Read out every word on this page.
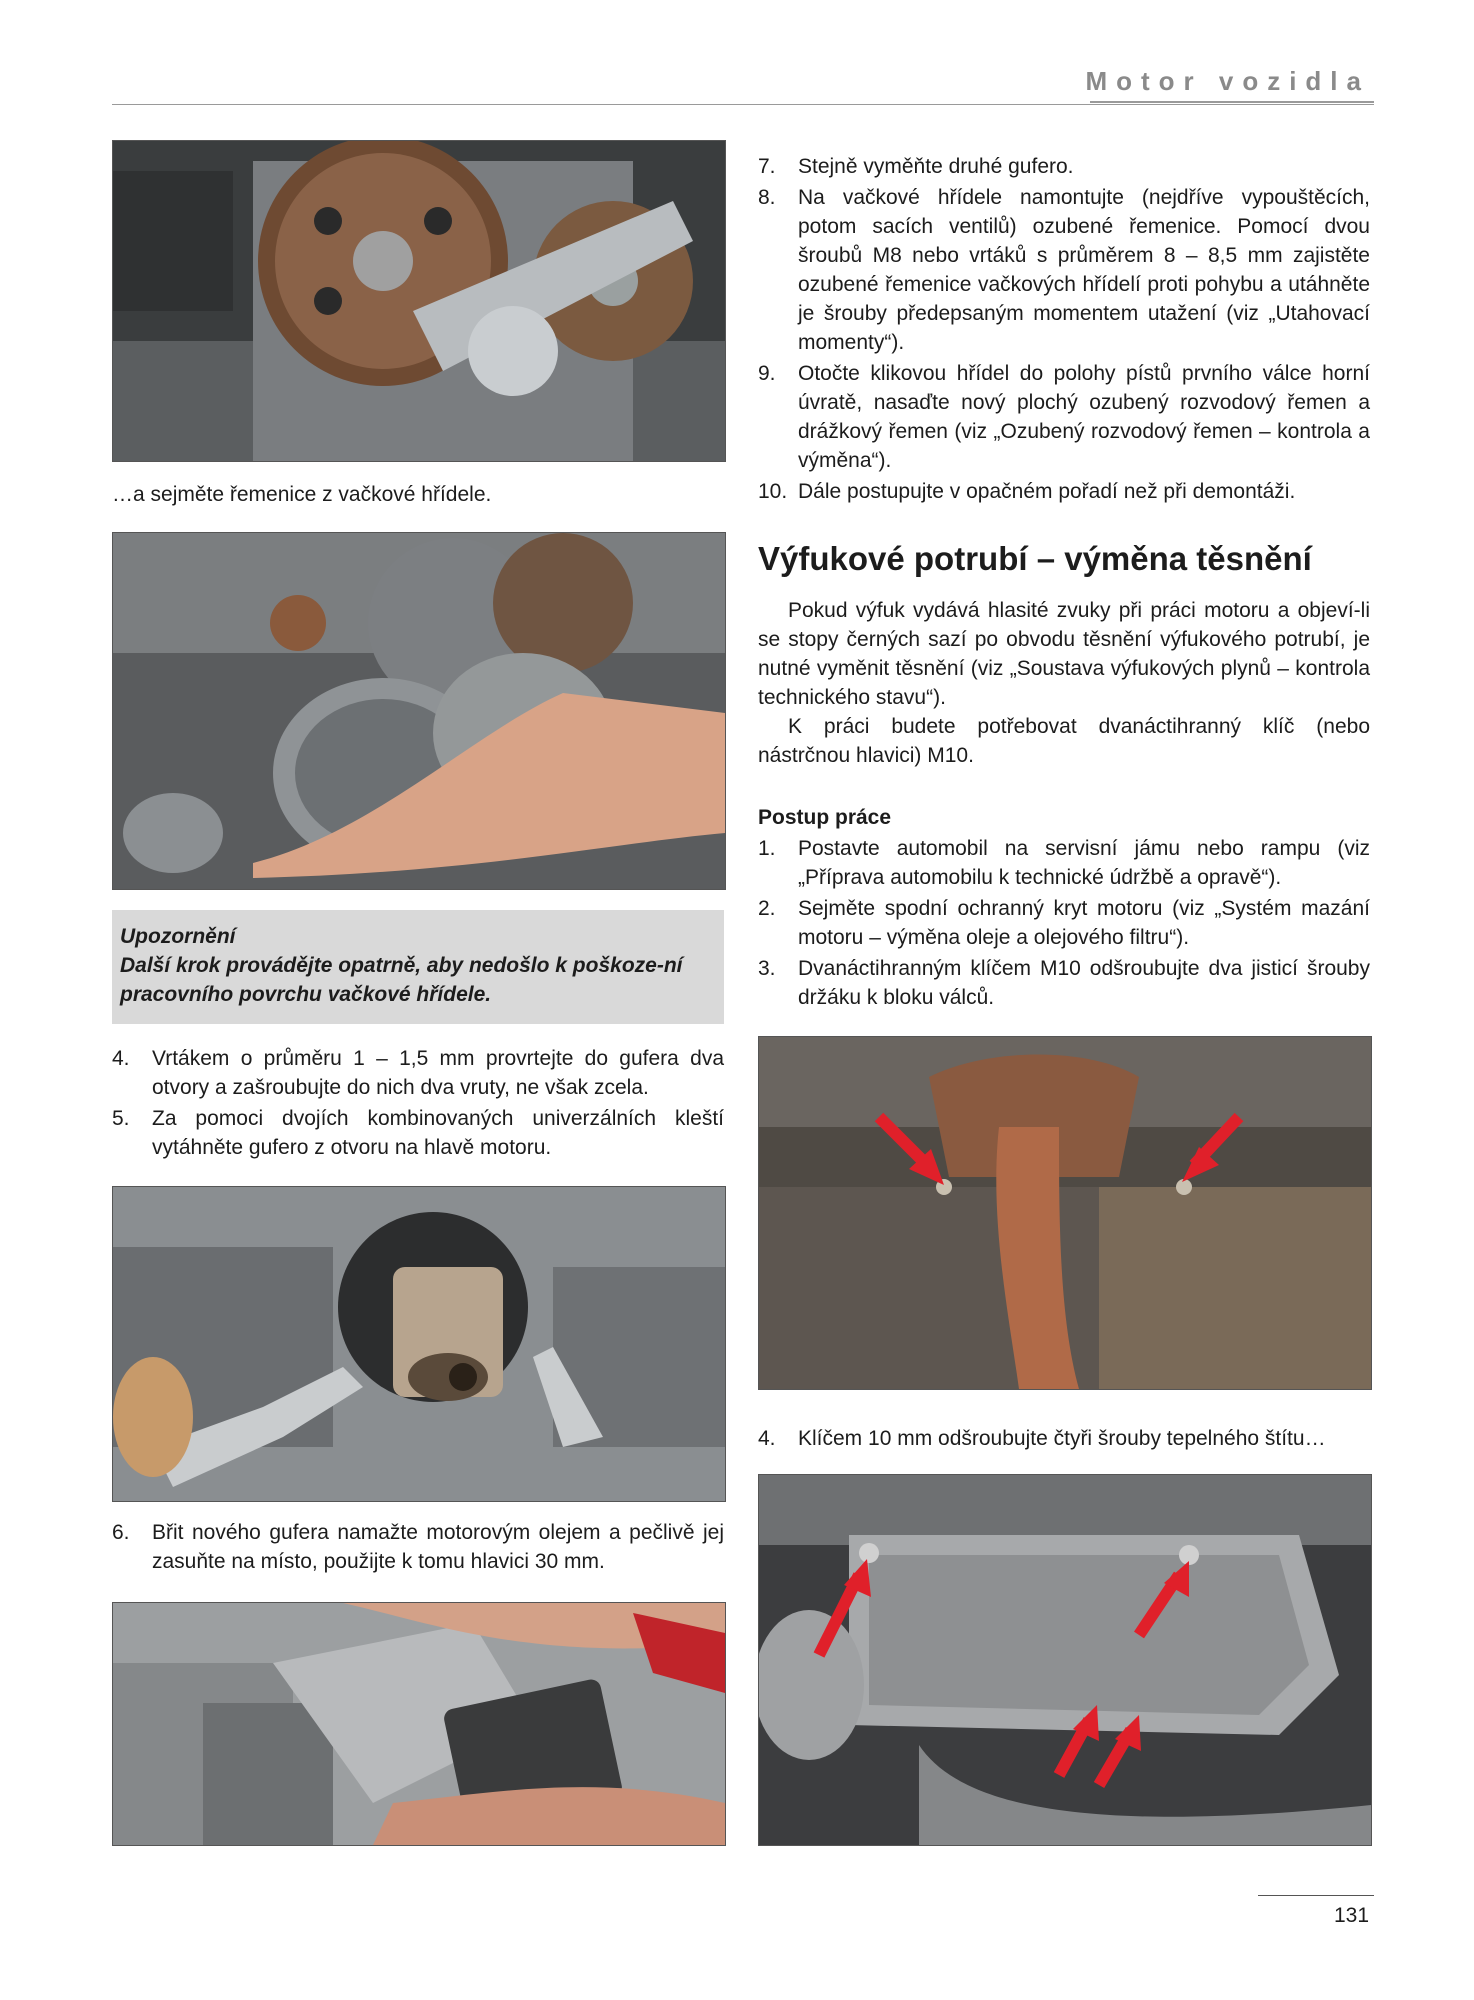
Motor vozidla
…a sejměte řemenice z vačkové hřídele.
Upozornění
Další krok provádějte opatrně, aby nedošlo k poškoze-ní pracovního povrchu vačkové hřídele.
4. Vrtákem o průměru 1 – 1,5 mm provrtejte do gufera dva otvory a zašroubujte do nich dva vruty, ne však zcela.
5. Za pomoci dvojích kombinovaných univerzálních kleští vytáhněte gufero z otvoru na hlavě motoru.
6. Břit nového gufera namažte motorovým olejem a pečlivě jej zasuňte na místo, použijte k tomu hlavici 30 mm.
7. Stejně vyměňte druhé gufero.
8. Na vačkové hřídele namontujte (nejdříve vypouštěcích, potom sacích ventilů) ozubené řemenice. Pomocí dvou šroubů M8 nebo vrtáků s průměrem 8 – 8,5 mm zajistěte ozubené řemenice vačkových hřídelí proti pohybu a utáhněte je šrouby předepsaným momentem utažení (viz „Utahovací momenty“).
9. Otočte klikovou hřídel do polohy pístů prvního válce horní úvratě, nasaďte nový plochý ozubený rozvodový řemen a drážkový řemen (viz „Ozubený rozvodový řemen – kontrola a výměna“).
10. Dále postupujte v opačném pořadí než při demontáži.
Výfukové potrubí – výměna těsnění

Pokud výfuk vydává hlasité zvuky při práci motoru a objeví-li se stopy černých sazí po obvodu těsnění výfukového potrubí, je nutné vyměnit těsnění (viz „Soustava výfukových plynů – kontrola technického stavu“).

K práci budete potřebovat dvanáctihranný klíč (nebo nástrčnou hlavici) M10.

Postup práce
1. Postavte automobil na servisní jámu nebo rampu (viz „Příprava automobilu k technické údržbě a opravě“).
2. Sejměte spodní ochranný kryt motoru (viz „Systém mazání motoru – výměna oleje a olejového filtru“).
3. Dvanáctihranným klíčem M10 odšroubujte dva jisticí šrouby držáku k bloku válců.
4. Klíčem 10 mm odšroubujte čtyři šrouby tepelného štítu…
131
